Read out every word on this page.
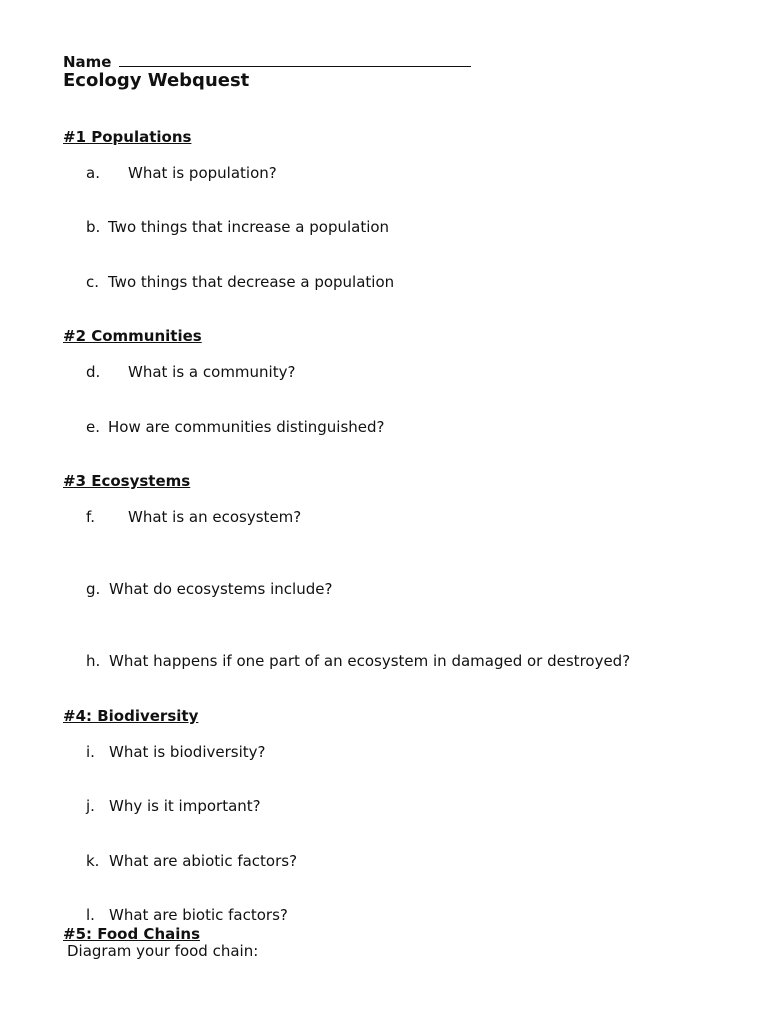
Name
Ecology Webquest
#1 Populations
a. What is population?
b. Two things that increase a population
c. Two things that decrease a population
#2 Communities
d. What is a community?
e. How are communities distinguished?
#3 Ecosystems
f. What is an ecosystem?
g. What do ecosystems include?
h. What happens if one part of an ecosystem in damaged or destroyed?
#4: Biodiversity
i. What is biodiversity?
j. Why is it important?
k. What are abiotic factors?
l. What are biotic factors?
#5: Food Chains
Diagram your food chain:
